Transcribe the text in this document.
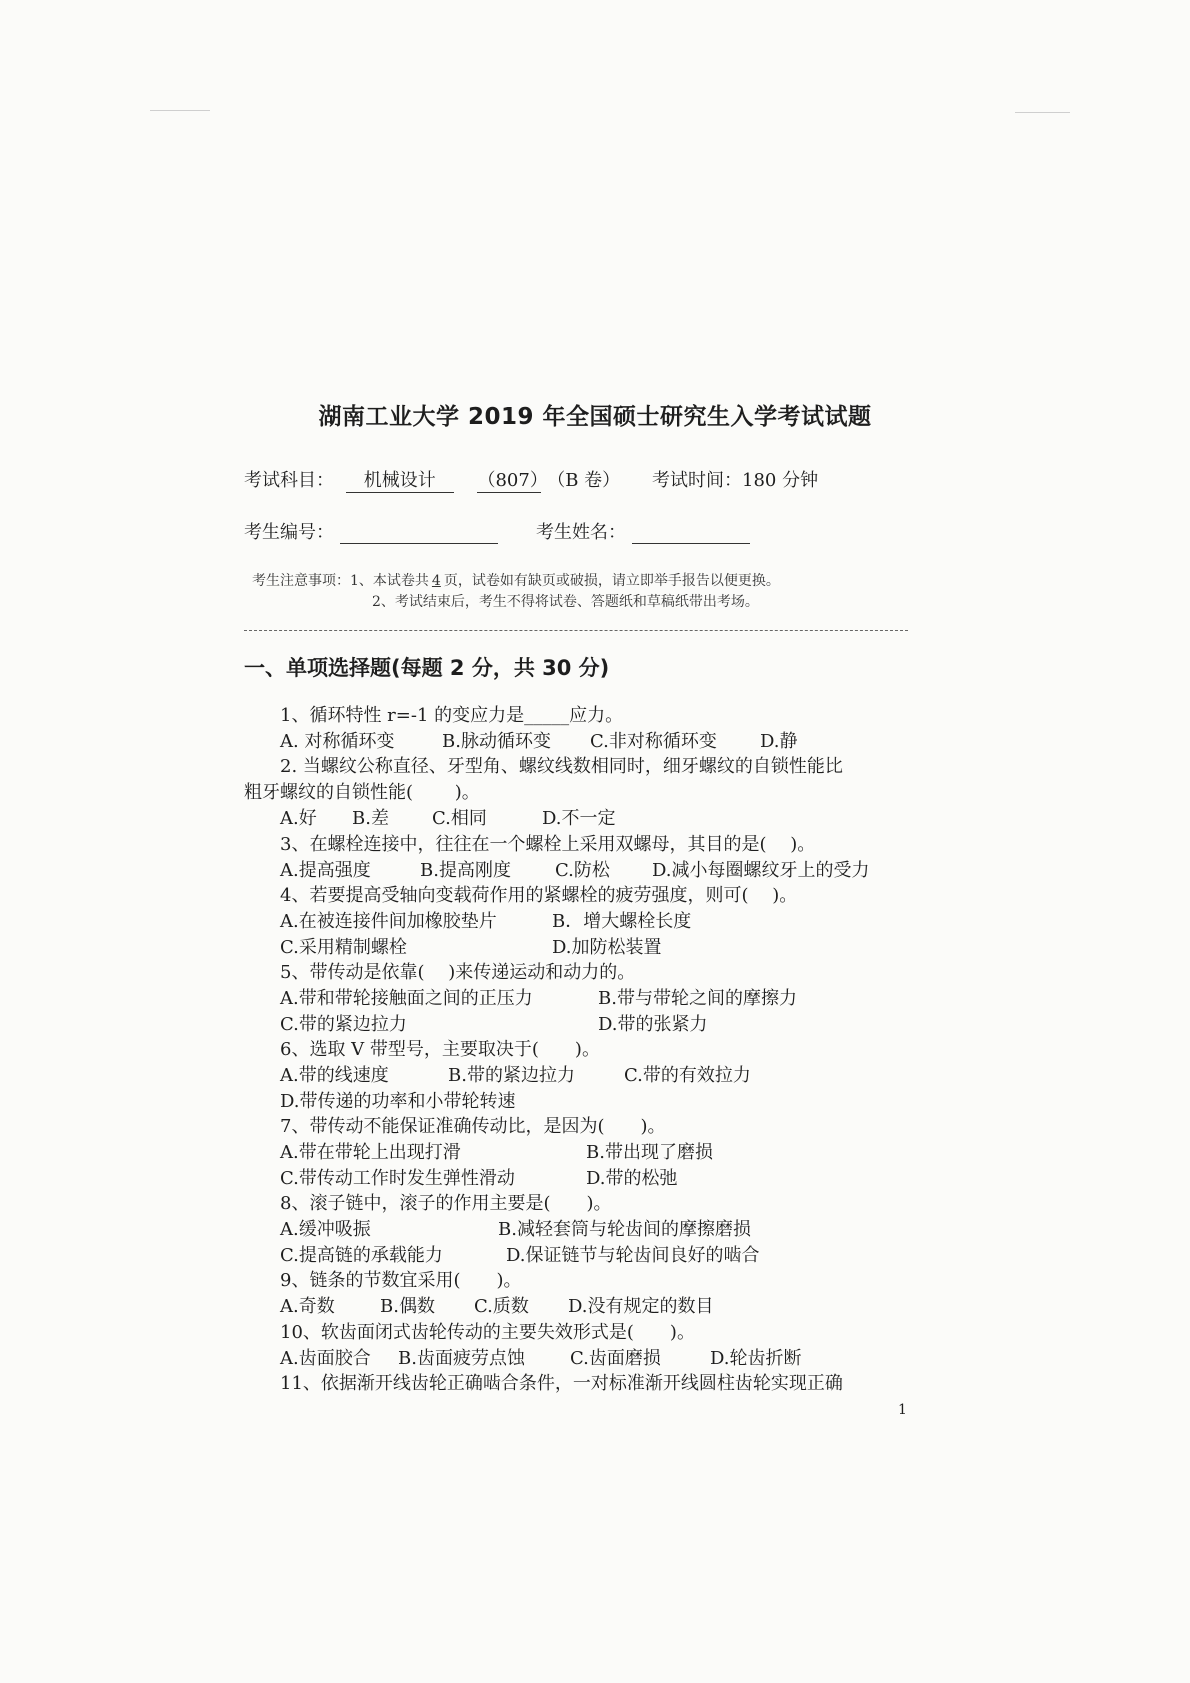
湖南工业大学 2019 年全国硕士研究生入学考试试题
考试科目： 机械设计 （807） （B 卷） 考试时间：180 分钟
考生编号：	考生姓名：
考生注意事项：1、本试卷共 4 页，试卷如有缺页或破损，请立即举手报告以便更换。
2、考试结束后，考生不得将试卷、答题纸和草稿纸带出考场。
一、单项选择题(每题 2 分，共 30 分)
1、循环特性 r=-1 的变应力是_____应力。
A. 对称循环变	B.脉动循环变 C.非对称循环变 D.静
2. 当螺纹公称直径、牙型角、螺纹线数相同时，细牙螺纹的自锁性能比
粗牙螺纹的自锁性能(　　 )。
A.好 B.差 C.相同	D.不一定
3、在螺栓连接中，往往在一个螺栓上采用双螺母，其目的是(　 )。
A.提高强度	B.提高刚度 C.防松 D.减小每圈螺纹牙上的受力
4、若要提高受轴向变载荷作用的紧螺栓的疲劳强度，则可(　 )。
A.在被连接件间加橡胶垫片	B．增大螺栓长度
C.采用精制螺栓	D.加防松装置
5、带传动是依靠(　 )来传递运动和动力的。
A.带和带轮接触面之间的正压力	B.带与带轮之间的摩擦力
C.带的紧边拉力	D.带的张紧力
6、选取 V 带型号，主要取决于(　　)。
A.带的线速度	B.带的紧边拉力	C.带的有效拉力
D.带传递的功率和小带轮转速
7、带传动不能保证准确传动比，是因为(　　)。
A.带在带轮上出现打滑	B.带出现了磨损
C.带传动工作时发生弹性滑动	D.带的松弛
8、滚子链中，滚子的作用主要是(　　)。
A.缓冲吸振	B.减轻套筒与轮齿间的摩擦磨损
C.提高链的承载能力	D.保证链节与轮齿间良好的啮合
9、链条的节数宜采用(　　)。
A.奇数	B.偶数 C.质数 D.没有规定的数目
10、软齿面闭式齿轮传动的主要失效形式是(　　)。
A.齿面胶合 B.齿面疲劳点蚀	C.齿面磨损	D.轮齿折断
11、依据渐开线齿轮正确啮合条件，一对标准渐开线圆柱齿轮实现正确
1
